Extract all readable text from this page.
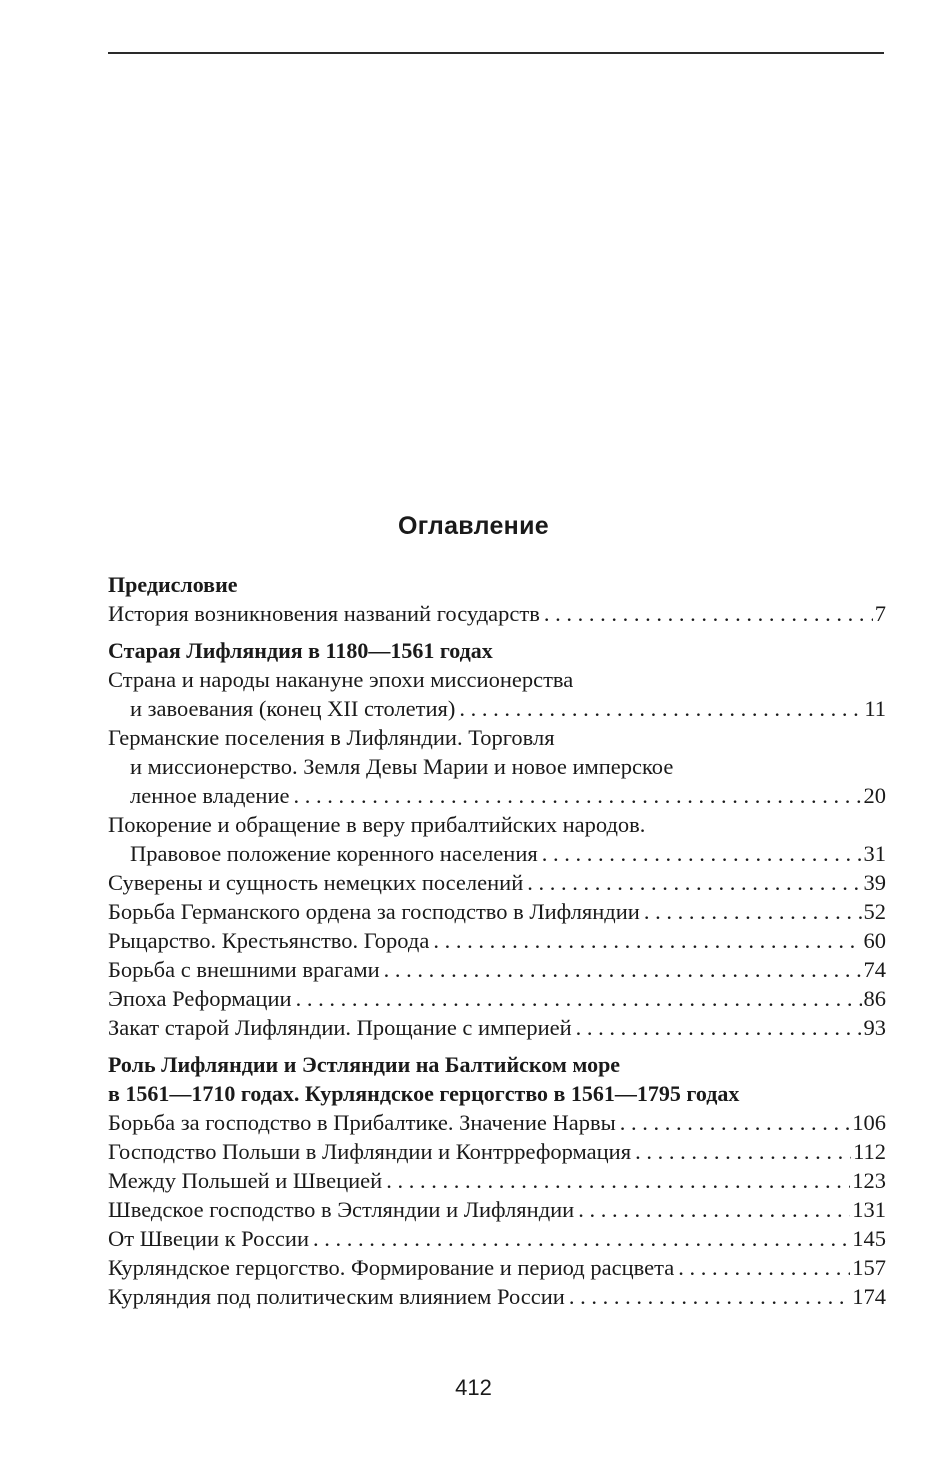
Оглавление
Предисловие
История возникновения названий государств . . .	7
Старая Лифляндия в 1180—1561 годах
Страна и народы накануне эпохи миссионерства
и завоевания (конец XII столетия) . . .	11
Германские поселения в Лифляндии. Торговля
и миссионерство. Земля Девы Марии и новое имперское
ленное владение . . .	20
Покорение и обращение в веру прибалтийских народов.
Правовое положение коренного населения . . .	31
Суверены и сущность немецких поселений . . .	39
Борьба Германского ордена за господство в Лифляндии . . .	52
Рыцарство. Крестьянство. Города . . .	60
Борьба с внешними врагами . . .	74
Эпоха Реформации . . .	86
Закат старой Лифляндии. Прощание с империей . . .	93
Роль Лифляндии и Эстляндии на Балтийском море
в 1561—1710 годах. Курляндское герцогство в 1561—1795 годах
Борьба за господство в Прибалтике. Значение Нарвы . . .	106
Господство Польши в Лифляндии и Контрреформация . . .	112
Между Польшей и Швецией . . .	123
Шведское господство в Эстляндии и Лифляндии . . .	131
От Швеции к России . . .	145
Курляндское герцогство. Формирование и период расцвета . . .	157
Курляндия под политическим влиянием России . . .	174
412
